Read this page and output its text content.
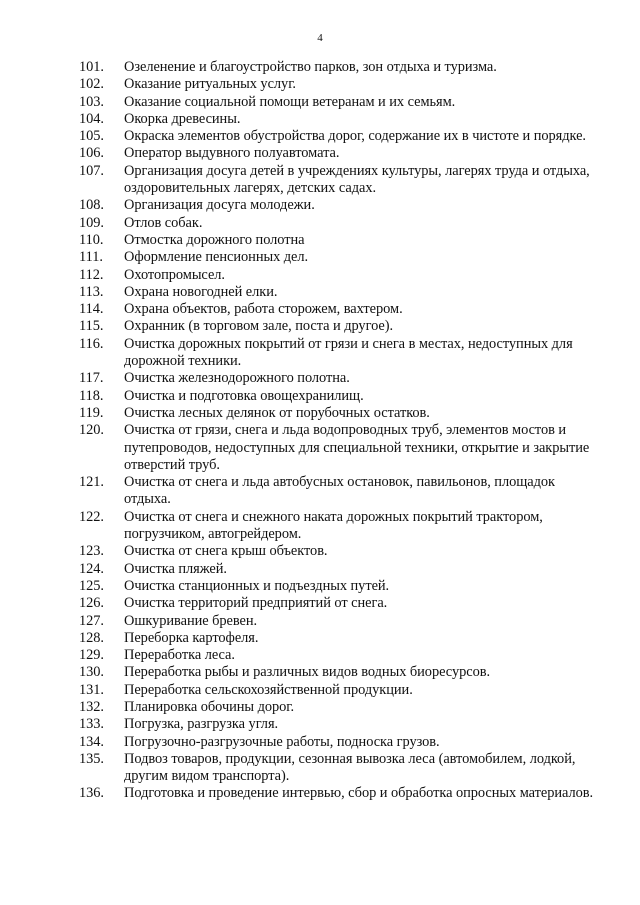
4
101.	Озеленение и благоустройство парков, зон отдыха и туризма.
102.	Оказание ритуальных услуг.
103.	Оказание социальной помощи ветеранам и их семьям.
104.	Окорка древесины.
105.	Окраска элементов обустройства дорог, содержание их в чистоте и порядке.
106.	Оператор выдувного полуавтомата.
107.	Организация досуга детей в учреждениях культуры, лагерях труда и отдыха, оздоровительных лагерях, детских садах.
108.	Организация досуга молодежи.
109.	Отлов собак.
110.	Отмостка дорожного полотна
111.	Оформление пенсионных дел.
112.	Охотопромысел.
113.	Охрана новогодней елки.
114.	Охрана объектов, работа сторожем, вахтером.
115.	Охранник (в торговом зале, поста и другое).
116.	Очистка дорожных покрытий от грязи и снега в местах, недоступных для дорожной техники.
117.	Очистка железнодорожного полотна.
118.	Очистка и подготовка овощехранилищ.
119.	Очистка лесных делянок от порубочных остатков.
120.	Очистка от грязи, снега и льда водопроводных труб, элементов мостов и путепроводов, недоступных для специальной техники, открытие и закрытие отверстий труб.
121.	Очистка от снега и льда автобусных остановок, павильонов, площадок отдыха.
122.	Очистка от снега и снежного наката дорожных покрытий трактором, погрузчиком, автогрейдером.
123.	Очистка от снега крыш объектов.
124.	Очистка пляжей.
125.	Очистка станционных и подъездных путей.
126.	Очистка территорий предприятий от снега.
127.	Ошкуривание бревен.
128.	Переборка картофеля.
129.	Переработка леса.
130.	Переработка рыбы и различных видов водных биоресурсов.
131.	Переработка сельскохозяйственной продукции.
132.	Планировка обочины дорог.
133.	Погрузка, разгрузка угля.
134.	Погрузочно-разгрузочные работы, подноска грузов.
135.	Подвоз товаров, продукции, сезонная вывозка леса (автомобилем, лодкой, другим видом транспорта).
136.	Подготовка и проведение интервью, сбор и обработка опросных материалов.
